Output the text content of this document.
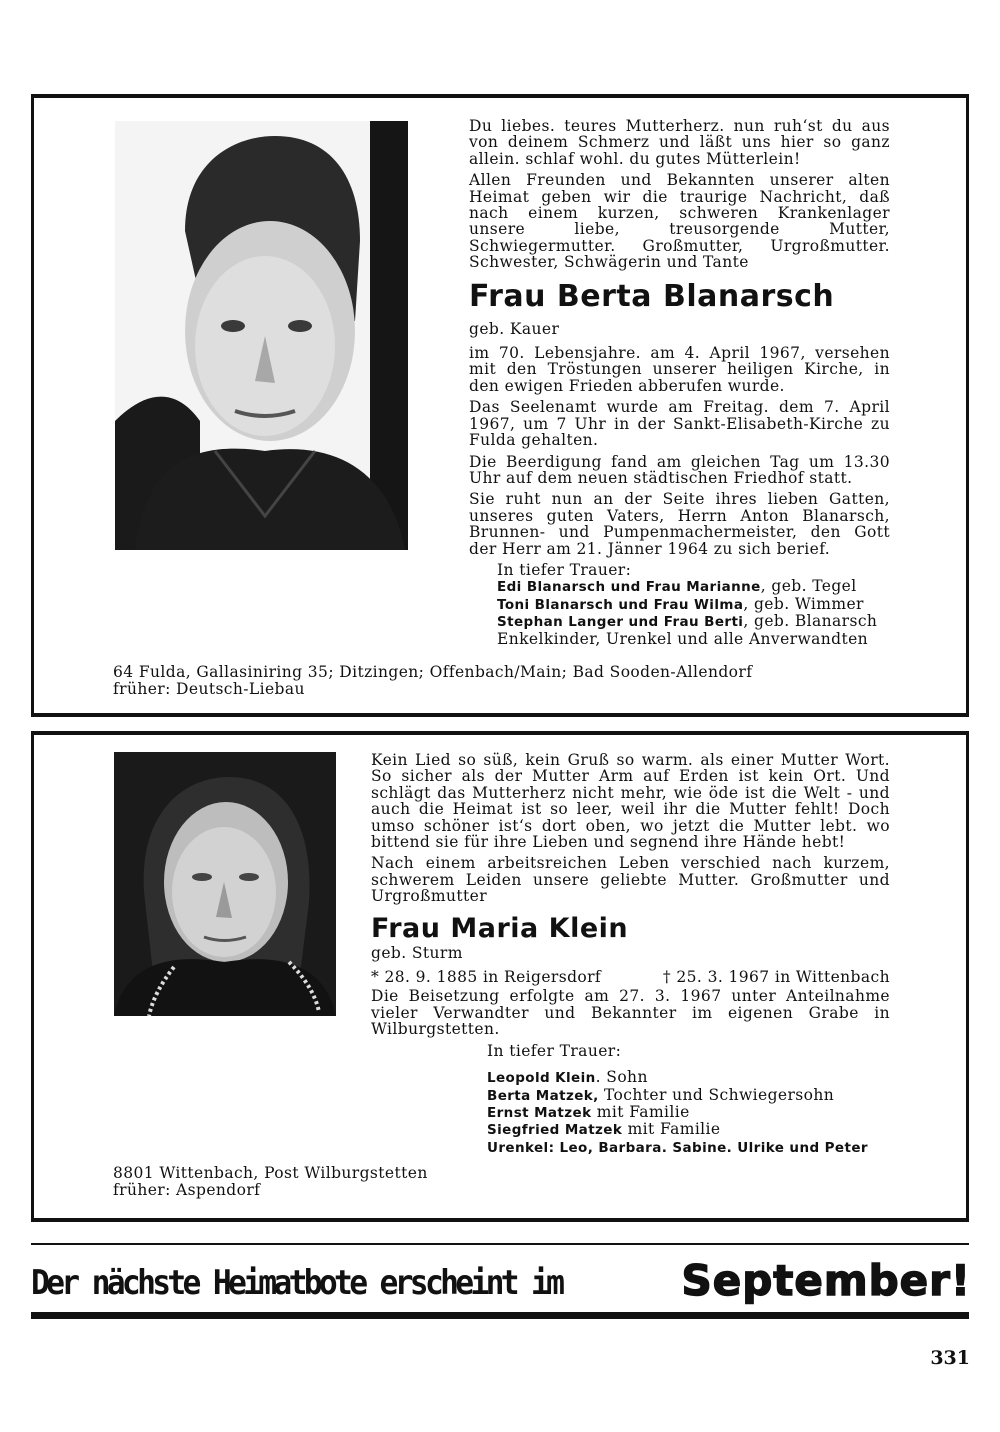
Du liebes. teures Mutterherz. nun ruh‘st du aus von deinem Schmerz und läßt uns hier so ganz allein. schlaf wohl. du gutes Mütterlein!

Allen Freunden und Bekannten unserer alten Heimat geben wir die traurige Nachricht, daß nach einem kurzen, schweren Krankenlager unsere liebe, treusorgende Mutter, Schwiegermutter. Großmutter, Urgroßmutter. Schwester, Schwägerin und Tante

Frau Berta Blanarsch

geb. Kauer

im 70. Lebensjahre. am 4. April 1967, versehen mit den Tröstungen unserer heiligen Kirche, in den ewigen Frieden abberufen wurde.

Das Seelenamt wurde am Freitag. dem 7. April 1967, um 7 Uhr in der Sankt-Elisabeth-Kirche zu Fulda gehalten.

Die Beerdigung fand am gleichen Tag um 13.30 Uhr auf dem neuen städtischen Friedhof statt.

Sie ruht nun an der Seite ihres lieben Gatten, unseres guten Vaters, Herrn Anton Blanarsch, Brunnen- und Pumpenmachermeister, den Gott der Herr am 21. Jänner 1964 zu sich berief.

In tiefer Trauer:
Edi Blanarsch und Frau Marianne, geb. Tegel
Toni Blanarsch und Frau Wilma, geb. Wimmer
Stephan Langer und Frau Berti, geb. Blanarsch
Enkelkinder, Urenkel und alle Anverwandten
64 Fulda, Gallasiniring 35; Ditzingen; Offenbach/Main; Bad Sooden-Allendorf
früher: Deutsch-Liebau

Kein Lied so süß, kein Gruß so warm. als einer Mutter Wort. So sicher als der Mutter Arm auf Erden ist kein Ort. Und schlägt das Mutterherz nicht mehr, wie öde ist die Welt - und auch die Heimat ist so leer, weil ihr die Mutter fehlt! Doch umso schöner ist‘s dort oben, wo jetzt die Mutter lebt. wo bittend sie für ihre Lieben und segnend ihre Hände hebt!

Nach einem arbeitsreichen Leben verschied nach kurzem, schwerem Leiden unsere geliebte Mutter. Großmutter und Urgroßmutter

Frau Maria Klein

geb. Sturm

* 28. 9. 1885 in Reigersdorf	† 25. 3. 1967 in Wittenbach

Die Beisetzung erfolgte am 27. 3. 1967 unter Anteilnahme vieler Verwandter und Bekannter im eigenen Grabe in Wilburgstetten.

In tiefer Trauer:
Leopold Klein. Sohn
Berta Matzek, Tochter und Schwiegersohn
Ernst Matzek mit Familie
Siegfried Matzek mit Familie
Urenkel: Leo, Barbara. Sabine. Ulrike und Peter
8801 Wittenbach, Post Wilburgstetten
früher: Aspendorf
Der nächste Heimatbote erscheint im	September!
331
